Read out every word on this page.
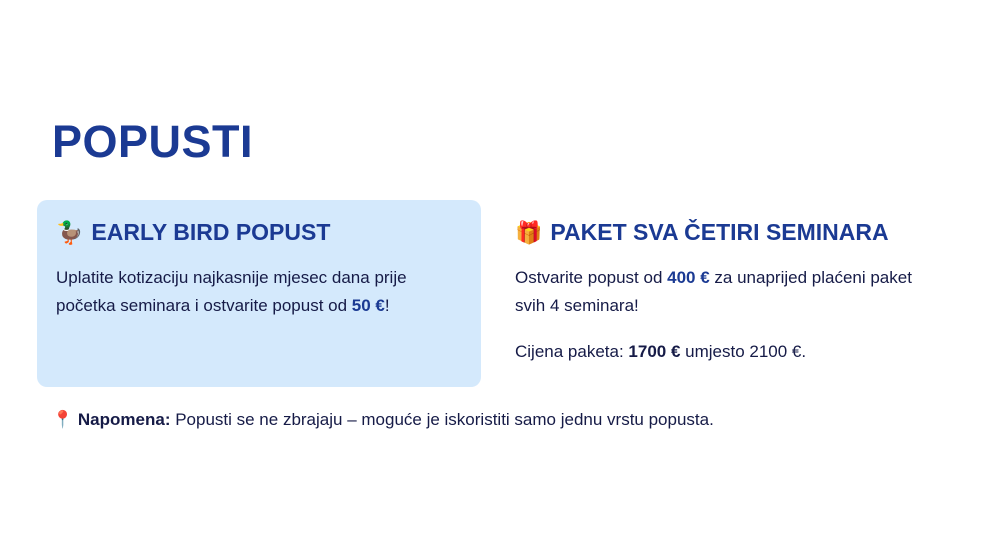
POPUSTI
🦆 EARLY BIRD POPUST

Uplatite kotizaciju najkasnije mjesec dana prije početka seminara i ostvarite popust od 50 €!

🎁 PAKET SVA ČETIRI SEMINARA

Ostvarite popust od 400 € za unaprijed plaćeni paket svih 4 seminara!

Cijena paketa: 1700 € umjesto 2100 €.

📍 Napomena: Popusti se ne zbrajaju – moguće je iskoristiti samo jednu vrstu popusta.
